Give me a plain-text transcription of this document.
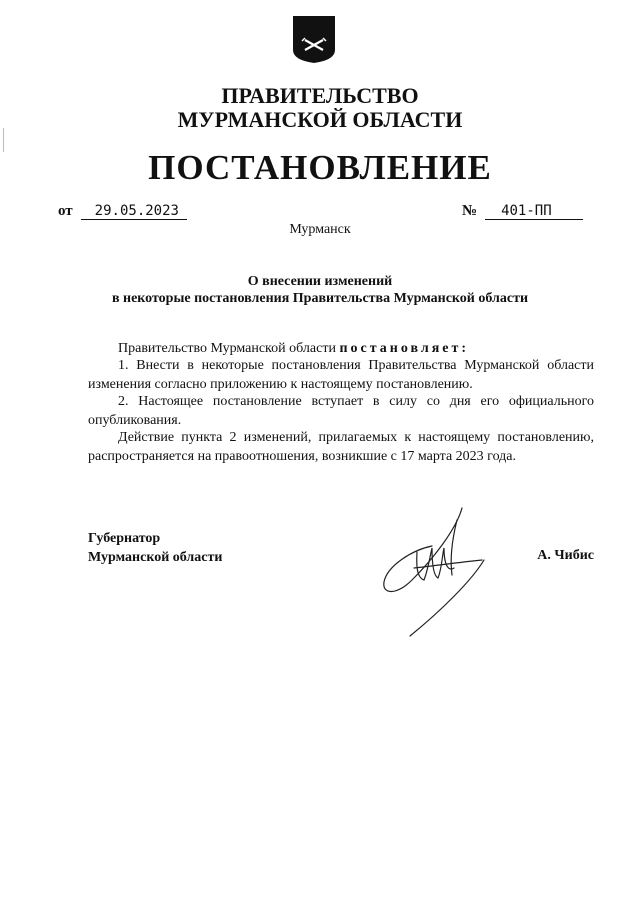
ПРАВИТЕЛЬСТВО
МУРМАНСКОЙ ОБЛАСТИ
ПОСТАНОВЛЕНИЕ
от 29.05.2023	№ 401-ПП
Мурманск
О внесении изменений
в некоторые постановления Правительства Мурманской области
Правительство Мурманской области постановляет:
1. Внести в некоторые постановления Правительства Мурманской области изменения согласно приложению к настоящему постановлению.
2. Настоящее постановление вступает в силу со дня его официального опубликования.
Действие пункта 2 изменений, прилагаемых к настоящему постановлению, распространяется на правоотношения, возникшие с 17 марта 2023 года.
Губернатор
Мурманской области	А. Чибис
